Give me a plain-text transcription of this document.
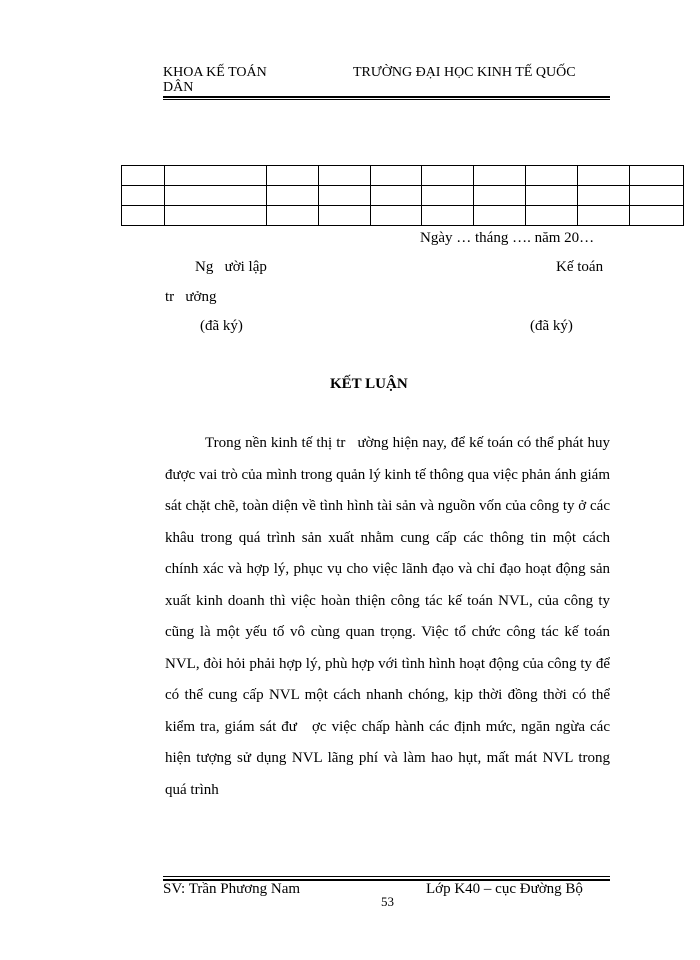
KHOA KẾ TOÁN	TRƯỜNG ĐẠI HỌC KINH TẾ QUỐC
DÂN

Ngày … tháng …. năm 20…
Ng   ười lập	Kế toán
tr   ưởng
(đã ký)	(đã ký)
KẾT LUẬN

Trong nền kinh tế thị tr   ường hiện nay, để kế toán có thể phát huy được vai trò của mình trong quản lý kinh tế thông qua việc phản ánh giám sát chặt chẽ, toàn diện về tình hình tài sản và nguồn vốn của công ty ở các khâu trong quá trình sản xuất nhằm cung cấp các thông tin một cách chính xác và hợp lý, phục vụ cho việc lãnh đạo và chỉ đạo hoạt động sản xuất kinh doanh thì việc hoàn thiện công tác kế toán NVL, của công ty cũng là một yếu tố vô cùng quan trọng. Việc tổ chức công tác kế toán NVL, đòi hỏi phải hợp lý, phù hợp với tình hình hoạt động của công ty để có thể cung cấp NVL một cách nhanh chóng, kịp thời đồng thời có thể kiểm tra, giám sát đư   ợc việc chấp hành các định mức, ngăn ngừa các hiện tượng sử dụng NVL lãng phí và làm hao hụt, mất mát NVL trong quá trình

SV: Trần Phương Nam	Lớp K40 – cục Đường Bộ
53
